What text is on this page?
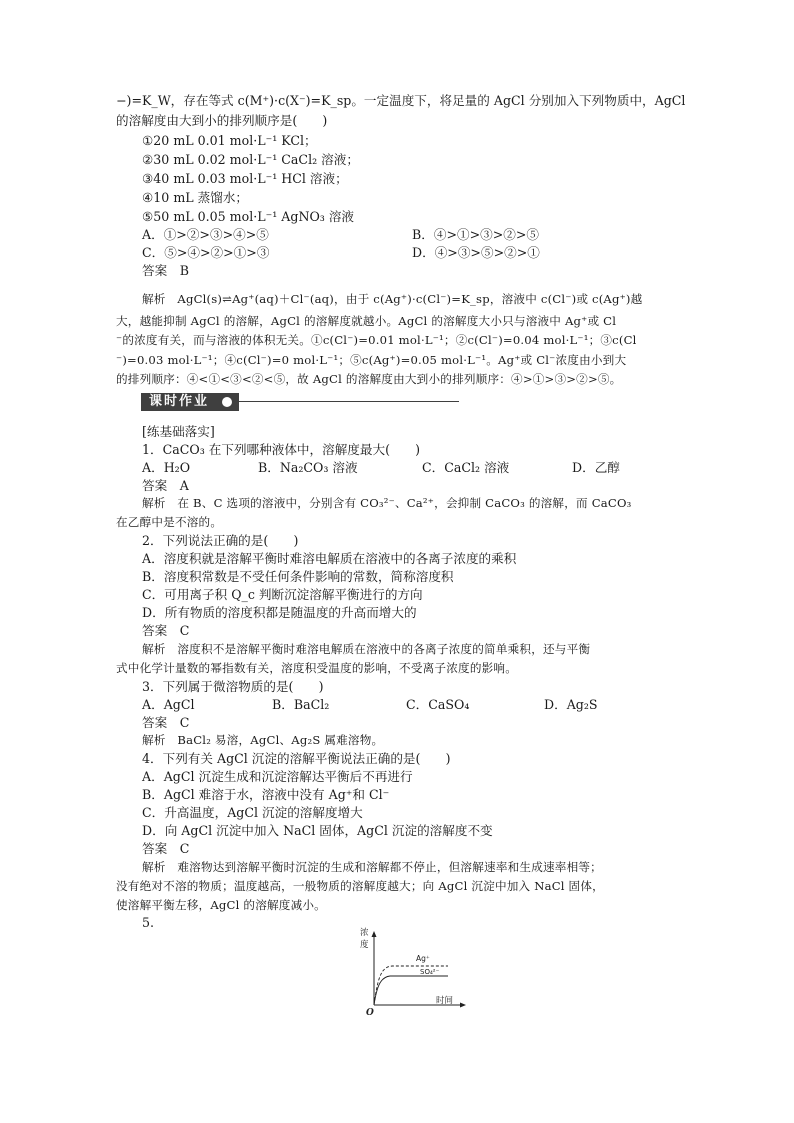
−)=K_W，存在等式 c(M⁺)·c(X⁻)=K_sp。一定温度下，将足量的 AgCl 分别加入下列物质中，AgCl
的溶解度由大到小的排列顺序是(　　)
①20 mL 0.01 mol·L⁻¹ KCl；
②30 mL 0.02 mol·L⁻¹ CaCl₂ 溶液；
③40 mL 0.03 mol·L⁻¹ HCl 溶液；
④10 mL 蒸馏水；
⑤50 mL 0.05 mol·L⁻¹ AgNO₃ 溶液
A．①>②>③>④>⑤	B．④>①>③>②>⑤
C．⑤>④>②>①>③	D．④>③>⑤>②>①
答案　B
解析　AgCl(s)⇌Ag⁺(aq)＋Cl⁻(aq)，由于 c(Ag⁺)·c(Cl⁻)=K_sp，溶液中 c(Cl⁻)或 c(Ag⁺)越
大，越能抑制 AgCl 的溶解，AgCl 的溶解度就越小。AgCl 的溶解度大小只与溶液中 Ag⁺或 Cl
⁻的浓度有关，而与溶液的体积无关。①c(Cl⁻)=0.01 mol·L⁻¹；②c(Cl⁻)=0.04 mol·L⁻¹；③c(Cl
⁻)=0.03 mol·L⁻¹；④c(Cl⁻)=0 mol·L⁻¹；⑤c(Ag⁺)=0.05 mol·L⁻¹。Ag⁺或 Cl⁻浓度由小到大
的排列顺序：④<①<③<②<⑤，故 AgCl 的溶解度由大到小的排列顺序：④>①>③>②>⑤。
课时作业
[练基础落实]
1．CaCO₃ 在下列哪种液体中，溶解度最大(　　)
A．H₂O	B．Na₂CO₃ 溶液	C．CaCl₂ 溶液	D．乙醇
答案　A
解析　在 B、C 选项的溶液中，分别含有 CO₃²⁻、Ca²⁺，会抑制 CaCO₃ 的溶解，而 CaCO₃
在乙醇中是不溶的。
2．下列说法正确的是(　　)
A．溶度积就是溶解平衡时难溶电解质在溶液中的各离子浓度的乘积
B．溶度积常数是不受任何条件影响的常数，简称溶度积
C．可用离子积 Q_c 判断沉淀溶解平衡进行的方向
D．所有物质的溶度积都是随温度的升高而增大的
答案　C
解析　溶度积不是溶解平衡时难溶电解质在溶液中的各离子浓度的简单乘积，还与平衡
式中化学计量数的幂指数有关，溶度积受温度的影响，不受离子浓度的影响。
3．下列属于微溶物质的是(　　)
A．AgCl	B．BaCl₂	C．CaSO₄	D．Ag₂S
答案　C
解析　BaCl₂ 易溶，AgCl、Ag₂S 属难溶物。
4．下列有关 AgCl 沉淀的溶解平衡说法正确的是(　　)
A．AgCl 沉淀生成和沉淀溶解达平衡后不再进行
B．AgCl 难溶于水，溶液中没有 Ag⁺和 Cl⁻
C．升高温度，AgCl 沉淀的溶解度增大
D．向 AgCl 沉淀中加入 NaCl 固体，AgCl 沉淀的溶解度不变
答案　C
解析　难溶物达到溶解平衡时沉淀的生成和溶解都不停止，但溶解速率和生成速率相等；
没有绝对不溶的物质；温度越高，一般物质的溶解度越大；向 AgCl 沉淀中加入 NaCl 固体，
使溶解平衡左移，AgCl 的溶解度减小。
5.
浓
度
Ag⁺
SO₄²⁻
时间
O
